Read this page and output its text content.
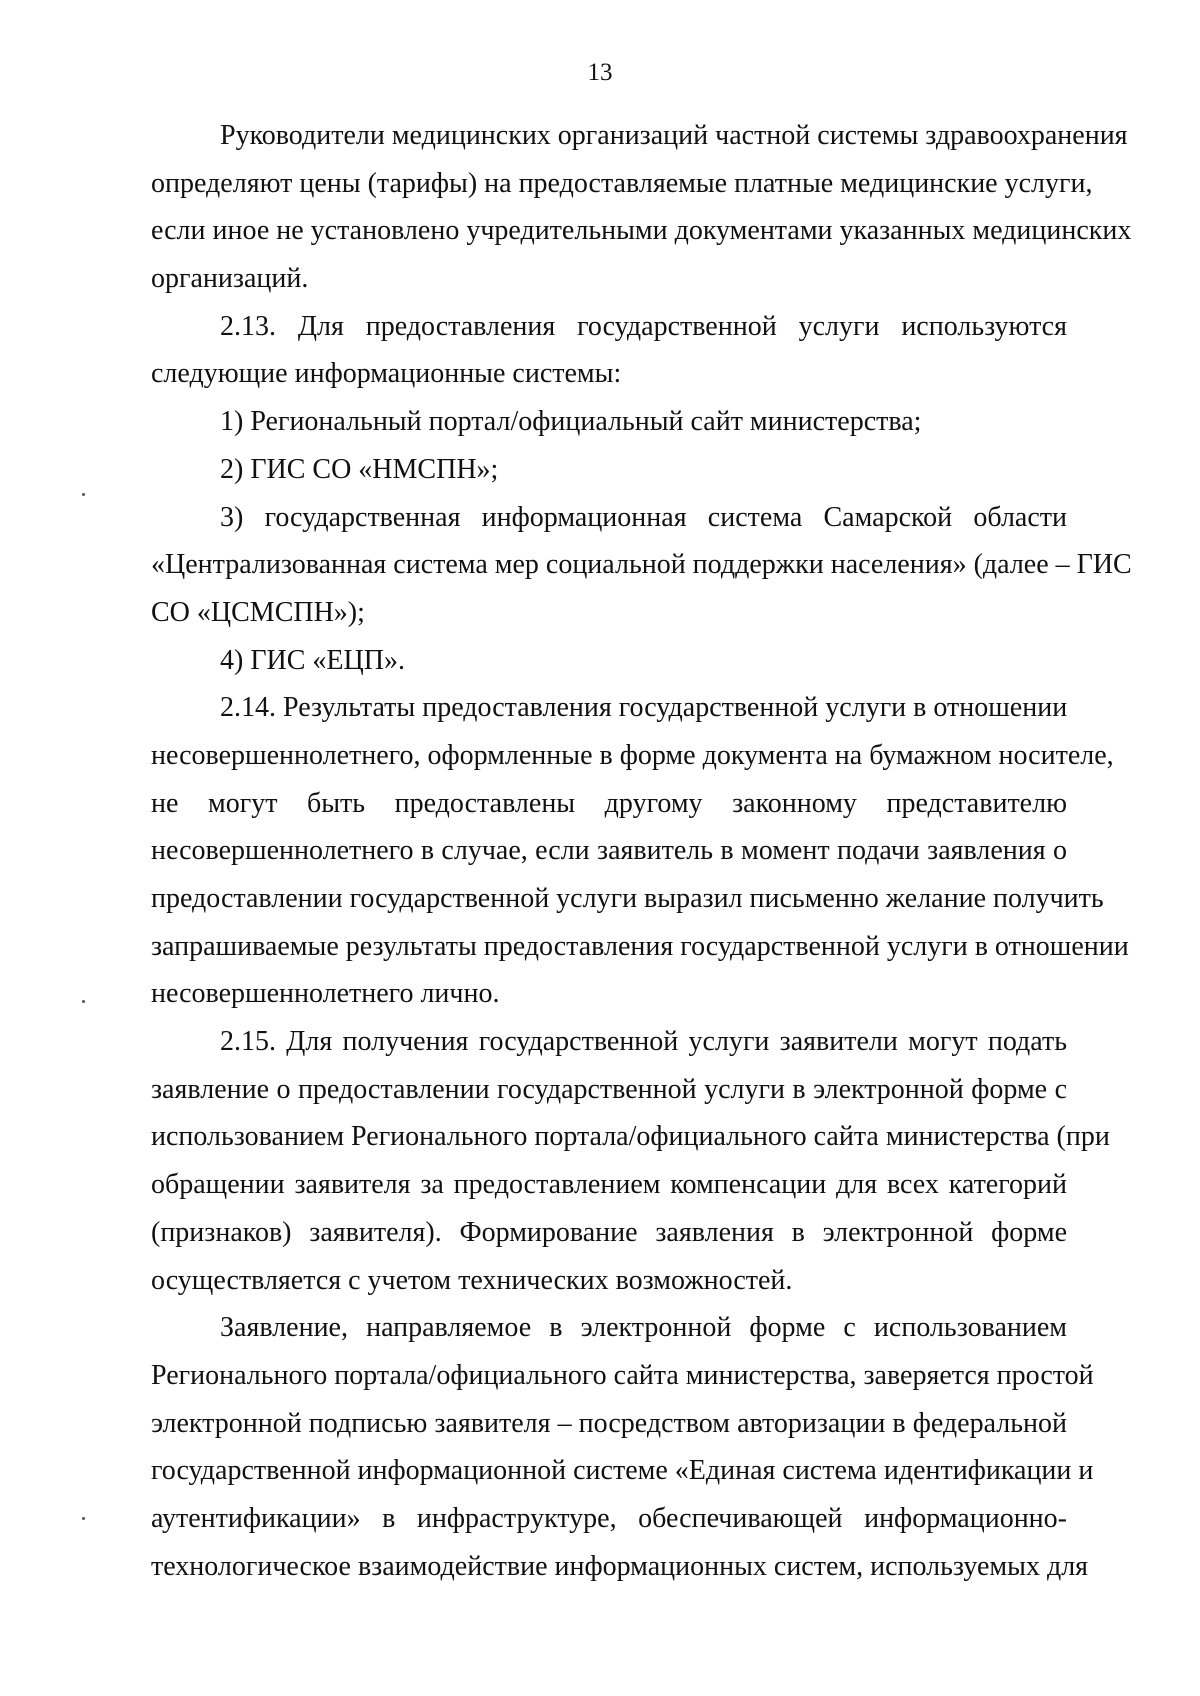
13
Руководители медицинских организаций частной системы здравоохранения
определяют цены (тарифы) на предоставляемые платные медицинские услуги,
если иное не установлено учредительными документами указанных медицинских
организаций.
2.13. Для предоставления государственной услуги используются
следующие информационные системы:
1) Региональный портал/официальный сайт министерства;
2) ГИС СО «НМСПН»;
3) государственная информационная система Самарской области
«Централизованная система мер социальной поддержки населения» (далее – ГИС
СО «ЦСМСПН»);
4) ГИС «ЕЦП».
2.14. Результаты предоставления государственной услуги в отношении
несовершеннолетнего, оформленные в форме документа на бумажном носителе,
не могут быть предоставлены другому законному представителю
несовершеннолетнего в случае, если заявитель в момент подачи заявления о
предоставлении государственной услуги выразил письменно желание получить
запрашиваемые результаты предоставления государственной услуги в отношении
несовершеннолетнего лично.
2.15. Для получения государственной услуги заявители могут подать
заявление о предоставлении государственной услуги в электронной форме с
использованием Регионального портала/официального сайта министерства (при
обращении заявителя за предоставлением компенсации для всех категорий
(признаков) заявителя). Формирование заявления в электронной форме
осуществляется с учетом технических возможностей.
Заявление, направляемое в электронной форме с использованием
Регионального портала/официального сайта министерства, заверяется простой
электронной подписью заявителя – посредством авторизации в федеральной
государственной информационной системе «Единая система идентификации и
аутентификации» в инфраструктуре, обеспечивающей информационно-
технологическое взаимодействие информационных систем, используемых для
